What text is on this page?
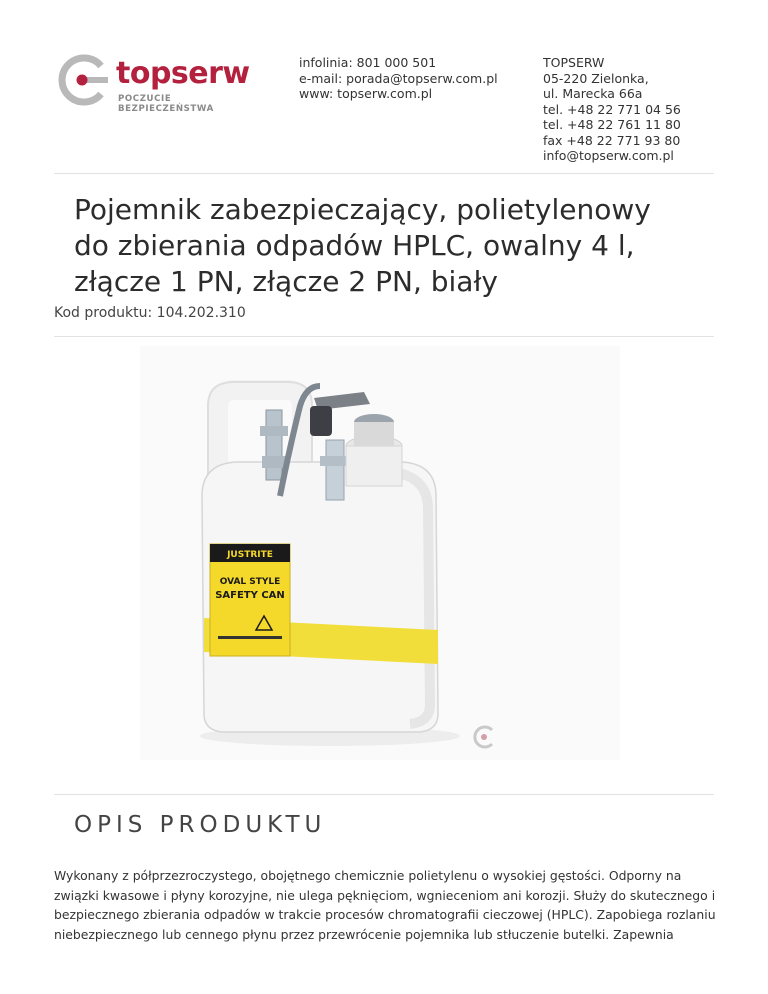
topserw
POCZUCIE BEZPIECZEŃSTWA
infolinia: 801 000 501
e-mail: porada@topserw.com.pl
www: topserw.com.pl
TOPSERW
05-220 Zielonka,
ul. Marecka 66a
tel. +48 22 771 04 56
tel. +48 22 761 11 80
fax +48 22 771 93 80
info@topserw.com.pl
Pojemnik zabezpieczający, polietylenowy
do zbierania odpadów HPLC, owalny 4 l,
złącze 1 PN, złącze 2 PN, biały
Kod produktu: 104.202.310
JUSTRITE
OVAL STYLE
SAFETY CAN
OPIS PRODUKTU
Wykonany z półprzezroczystego, obojętnego chemicznie polietylenu o wysokiej gęstości. Odporny na
związki kwasowe i płyny korozyjne, nie ulega pęknięciom, wgnieceniom ani korozji. Służy do skutecznego i
bezpiecznego zbierania odpadów w trakcie procesów chromatografii cieczowej (HPLC). Zapobiega rozlaniu
niebezpiecznego lub cennego płynu przez przewrócenie pojemnika lub stłuczenie butelki. Zapewnia
